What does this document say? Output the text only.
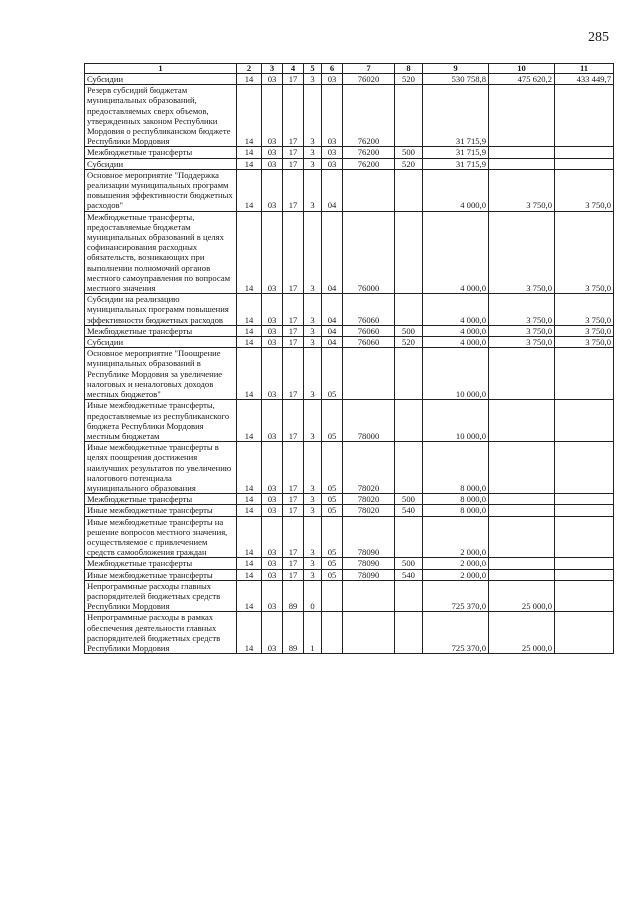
285
1	2	3	4	5	6	7	8	9	10	11
Субсидии	14	03	17	3	03	76020	520	530 758,8	475 620,2	433 449,7
Резерв субсидий бюджетам муниципальных образований, предоставляемых сверх объемов, утвержденных законом Республики Мордовия о республиканском бюджете Республики Мордовия	14	03	17	3	03	76200		31 715,9		
Межбюджетные трансферты	14	03	17	3	03	76200	500	31 715,9		
Субсидии	14	03	17	3	03	76200	520	31 715,9		
Основное мероприятие "Поддержка реализации муниципальных программ повышения эффективности бюджетных расходов"	14	03	17	3	04			4 000,0	3 750,0	3 750,0
Межбюджетные трансферты, предоставляемые бюджетам муниципальных образований в целях софинансирования расходных обязательств, возникающих при выполнении полномочий органов местного самоуправления по вопросам местного значения	14	03	17	3	04	76000		4 000,0	3 750,0	3 750,0
Субсидии на реализацию муниципальных программ повышения эффективности бюджетных расходов	14	03	17	3	04	76060		4 000,0	3 750,0	3 750,0
Межбюджетные трансферты	14	03	17	3	04	76060	500	4 000,0	3 750,0	3 750,0
Субсидии	14	03	17	3	04	76060	520	4 000,0	3 750,0	3 750,0
Основное мероприятие "Поощрение муниципальных образований в Республике Мордовия за увеличение налоговых и неналоговых доходов местных бюджетов"	14	03	17	3	05			10 000,0		
Иные межбюджетные трансферты, предоставляемые из республиканского бюджета Республики Мордовия местным бюджетам	14	03	17	3	05	78000		10 000,0		
Иные межбюджетные трансферты в целях поощрения достижения наилучших результатов по увеличению налогового потенциала муниципального образования	14	03	17	3	05	78020		8 000,0		
Межбюджетные трансферты	14	03	17	3	05	78020	500	8 000,0		
Иные межбюджетные трансферты	14	03	17	3	05	78020	540	8 000,0		
Иные межбюджетные трансферты на решение вопросов местного значения, осуществляемое с привлечением средств самообложения граждан	14	03	17	3	05	78090		2 000,0		
Межбюджетные трансферты	14	03	17	3	05	78090	500	2 000,0		
Иные межбюджетные трансферты	14	03	17	3	05	78090	540	2 000,0		
Непрограммные расходы главных распорядителей бюджетных средств Республики Мордовия	14	03	89	0				725 370,0	25 000,0	
Непрограммные расходы в рамках обеспечения деятельности главных распорядителей бюджетных средств Республики Мордовия	14	03	89	1				725 370,0	25 000,0	
